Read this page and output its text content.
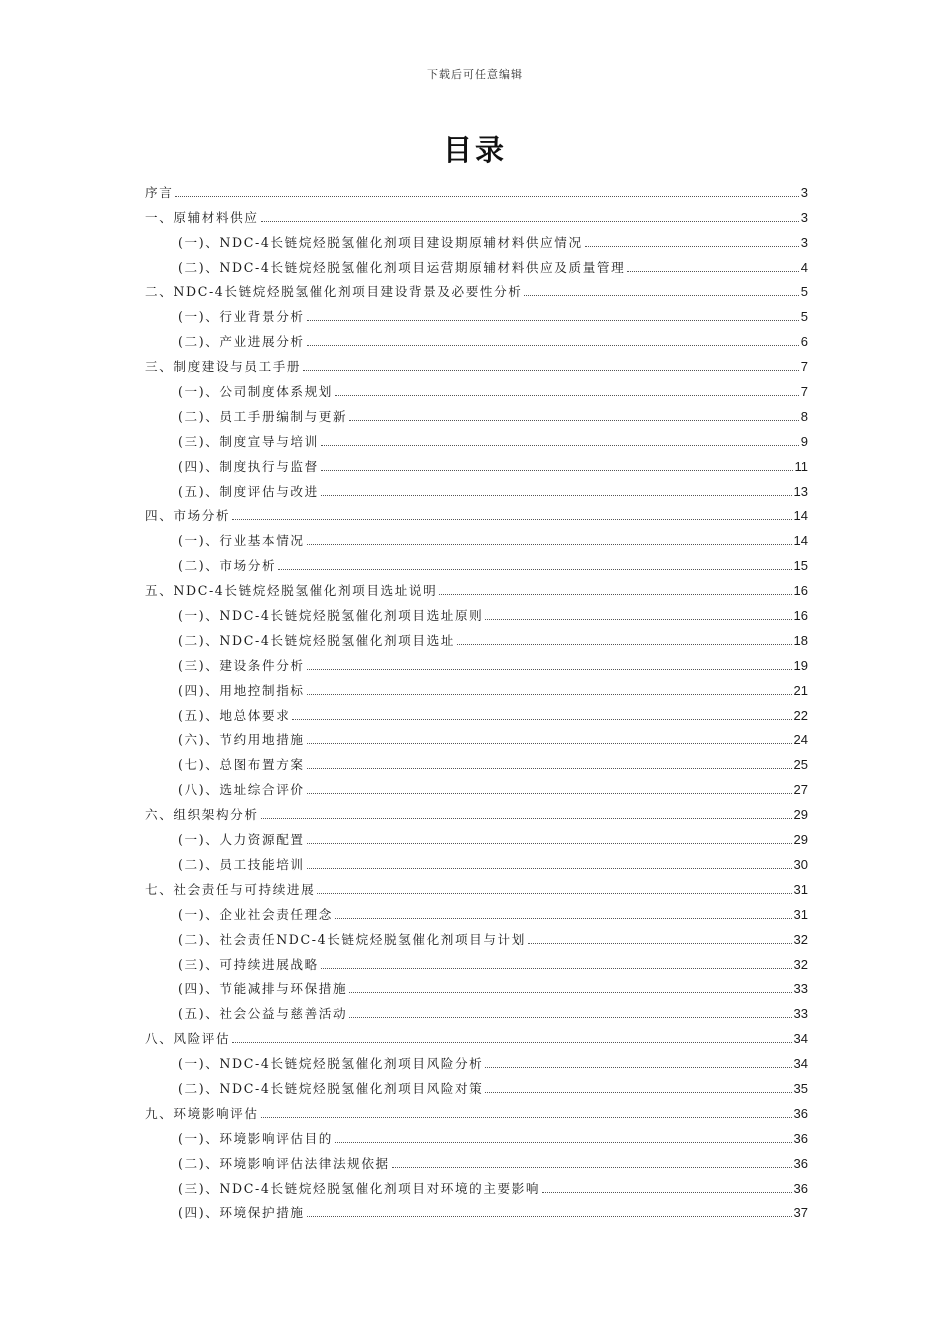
下载后可任意编辑
目录
序言	3
一、原辅材料供应	3
(一)、NDC-4长链烷烃脱氢催化剂项目建设期原辅材料供应情况	3
(二)、NDC-4长链烷烃脱氢催化剂项目运营期原辅材料供应及质量管理	4
二、NDC-4长链烷烃脱氢催化剂项目建设背景及必要性分析	5
(一)、行业背景分析	5
(二)、产业进展分析	6
三、制度建设与员工手册	7
(一)、公司制度体系规划	7
(二)、员工手册编制与更新	8
(三)、制度宣导与培训	9
(四)、制度执行与监督	11
(五)、制度评估与改进	13
四、市场分析	14
(一)、行业基本情况	14
(二)、市场分析	15
五、NDC-4长链烷烃脱氢催化剂项目选址说明	16
(一)、NDC-4长链烷烃脱氢催化剂项目选址原则	16
(二)、NDC-4长链烷烃脱氢催化剂项目选址	18
(三)、建设条件分析	19
(四)、用地控制指标	21
(五)、地总体要求	22
(六)、节约用地措施	24
(七)、总图布置方案	25
(八)、选址综合评价	27
六、组织架构分析	29
(一)、人力资源配置	29
(二)、员工技能培训	30
七、社会责任与可持续进展	31
(一)、企业社会责任理念	31
(二)、社会责任NDC-4长链烷烃脱氢催化剂项目与计划	32
(三)、可持续进展战略	32
(四)、节能减排与环保措施	33
(五)、社会公益与慈善活动	33
八、风险评估	34
(一)、NDC-4长链烷烃脱氢催化剂项目风险分析	34
(二)、NDC-4长链烷烃脱氢催化剂项目风险对策	35
九、环境影响评估	36
(一)、环境影响评估目的	36
(二)、环境影响评估法律法规依据	36
(三)、NDC-4长链烷烃脱氢催化剂项目对环境的主要影响	36
(四)、环境保护措施	37
